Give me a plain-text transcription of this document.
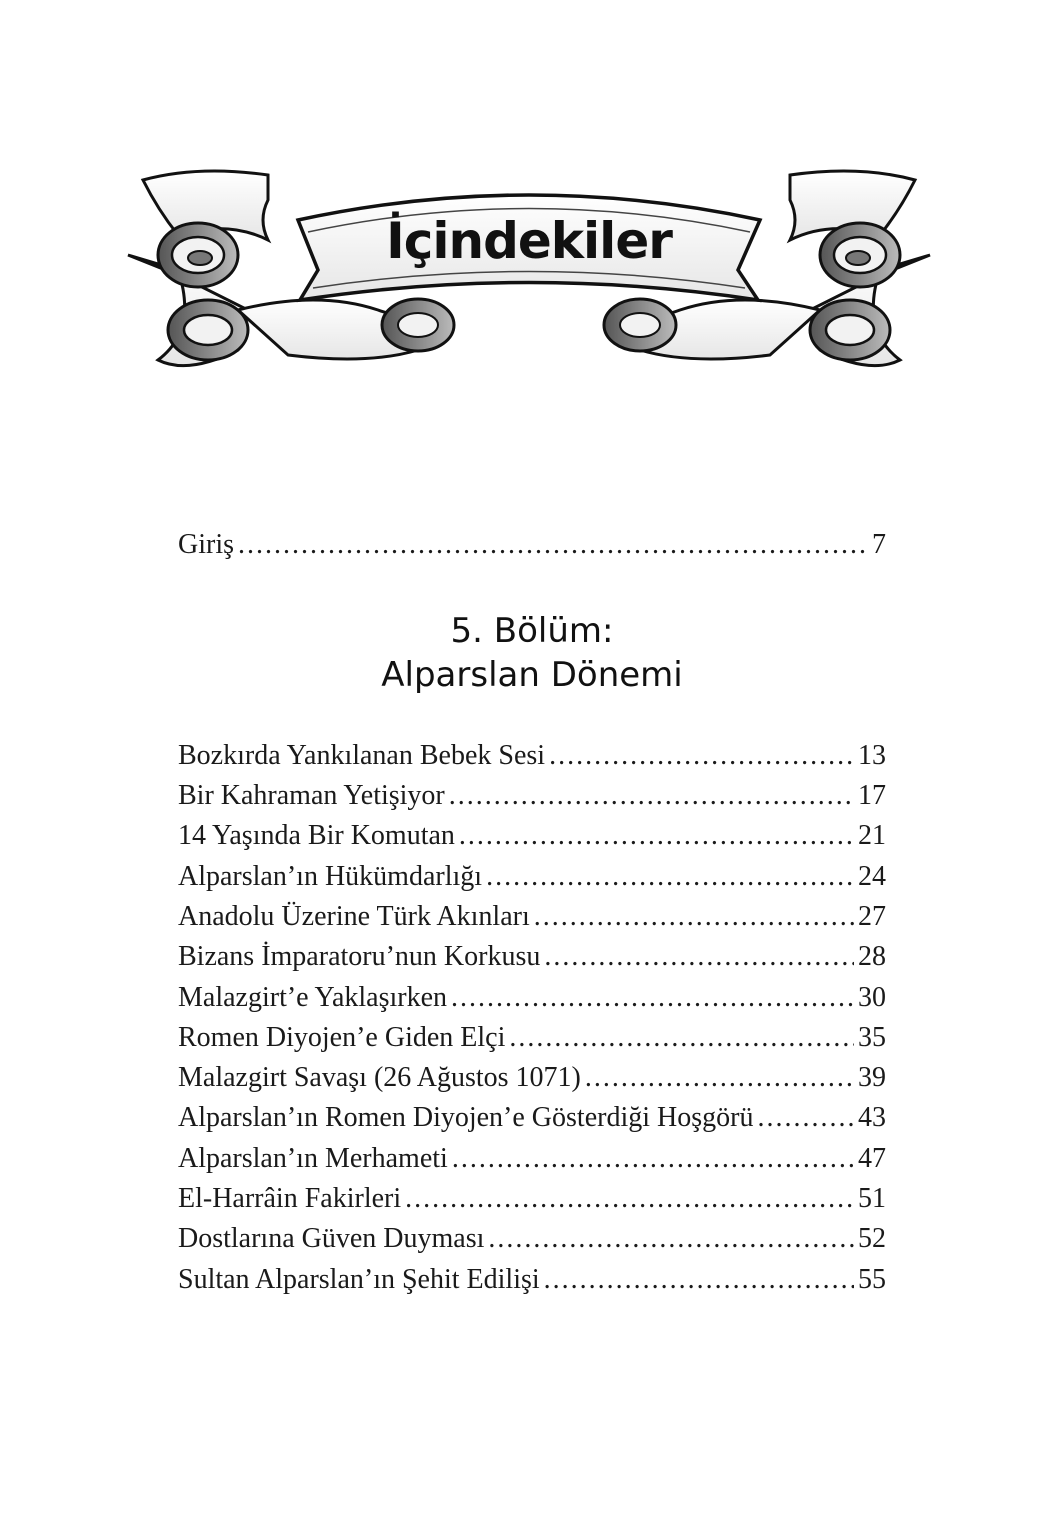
İçindekiler
Giriş .....	7
5. Bölüm:
Alparslan Dönemi
Bozkırda Yankılanan Bebek Sesi .....	13
Bir Kahraman Yetişiyor .....	17
14 Yaşında Bir Komutan .....	21
Alparslan’ın Hükümdarlığı .....	24
Anadolu Üzerine Türk Akınları .....	27
Bizans İmparatoru’nun Korkusu .....	28
Malazgirt’e Yaklaşırken .....	30
Romen Diyojen’e Giden Elçi .....	35
Malazgirt Savaşı (26 Ağustos 1071) .....	39
Alparslan’ın Romen Diyojen’e Gösterdiği Hoşgörü .....	43
Alparslan’ın Merhameti .....	47
El-Harrâin Fakirleri .....	51
Dostlarına Güven Duyması .....	52
Sultan Alparslan’ın Şehit Edilişi .....	55
